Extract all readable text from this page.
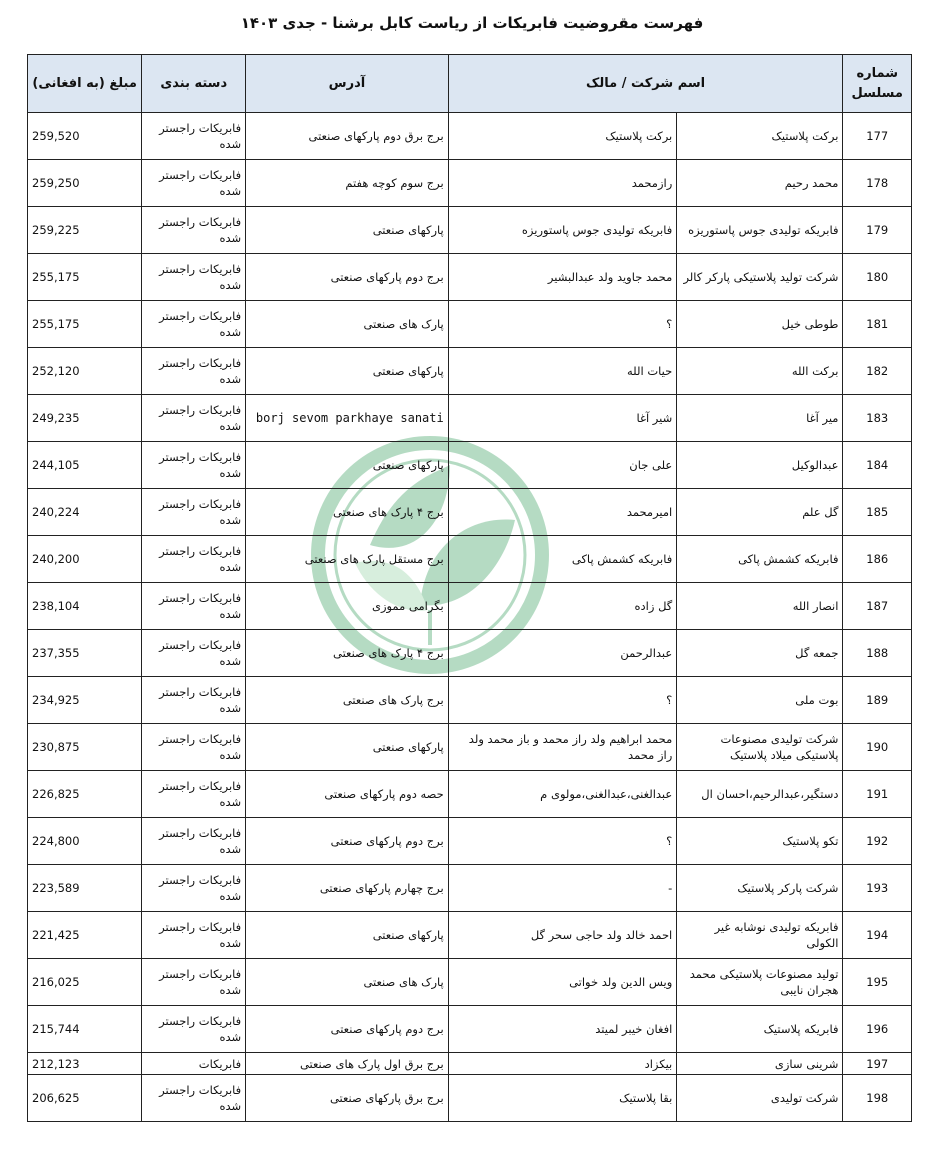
فهرست مقروضیت فابریکات از ریاست کابل برشنا - جدی ۱۴۰۳
شماره مسلسل	اسم شرکت / مالک		آدرس	دسته بندی	مبلغ (به افغانی)

177	برکت پلاستیک	برکت پلاستیک	برج برق دوم پارکهای صنعتی	فابریکات راجستر شده	259,520
178	محمد رحیم	رازمحمد	برج سوم کوچه هفتم	فابریکات راجستر شده	259,250
179	فابریکه تولیدی جوس پاستوریزه	فابریکه تولیدی جوس پاستوریزه	پارکهای صنعتی	فابریکات راجستر شده	259,225
180	شرکت تولید پلاستیکی پارکر کالر	محمد جاوید ولد عبدالبشیر	برج دوم پارکهای صنعتی	فابریکات راجستر شده	255,175
181	طوطی خیل	؟	پارک های صنعتی	فابریکات راجستر شده	255,175
182	برکت الله	حیات الله	پارکهای صنعتی	فابریکات راجستر شده	252,120
183	میر آغا	شیر آغا	borj sevom parkhaye sanati	فابریکات راجستر شده	249,235
184	عبدالوکیل	علی جان	پارکهای صنعتی	فابریکات راجستر شده	244,105
185	گل علم	امیرمحمد	برج ۴ پارک های صنعتی	فابریکات راجستر شده	240,224
186	فابریکه کشمش پاکی	فابریکه کشمش پاکی	برج مستقل پارک های صنعتی	فابریکات راجستر شده	240,200
187	انصار الله	گل زاده	بگرامی مموزی	فابریکات راجستر شده	238,104
188	جمعه گل	عبدالرحمن	برج ۴ پارک های صنعتی	فابریکات راجستر شده	237,355
189	بوت ملی	؟	برج پارک های صنعتی	فابریکات راجستر شده	234,925
190	شرکت تولیدی مصنوعات پلاستیکی میلاد پلاستیک	محمد ابراهیم ولد راز محمد و باز محمد ولد راز محمد	پارکهای صنعتی	فابریکات راجستر شده	230,875
191	دستگیر،عبدالرحیم،احسان ال	عبدالغنی،عبدالغنی،مولوی م	حصه دوم پارکهای صنعتی	فابریکات راجستر شده	226,825
192	تکو پلاستیک	؟	برج دوم پارکهای صنعتی	فابریکات راجستر شده	224,800
193	شرکت پارکر پلاستیک	-	برج چهارم پارکهای صنعتی	فابریکات راجستر شده	223,589
194	فابریکه تولیدی نوشابه غیر الکولی	احمد خالد ولد حاجی سحر گل	پارکهای صنعتی	فابریکات راجستر شده	221,425
195	تولید مصنوعات پلاستیکی محمد هجران نایبی	ویس الدین ولد خواتی	پارک های صنعتی	فابریکات راجستر شده	216,025
196	فابریکه پلاستیک	افغان خیبر لمیتد	برج دوم پارکهای صنعتی	فابریکات راجستر شده	215,744
197	شرینی سازی	بیکزاد	برج برق اول پارک های صنعتی	فابریکات	212,123
198	شرکت تولیدی	بقا پلاستیک	برج برق پارکهای صنعتی	فابریکات راجستر شده	206,625
